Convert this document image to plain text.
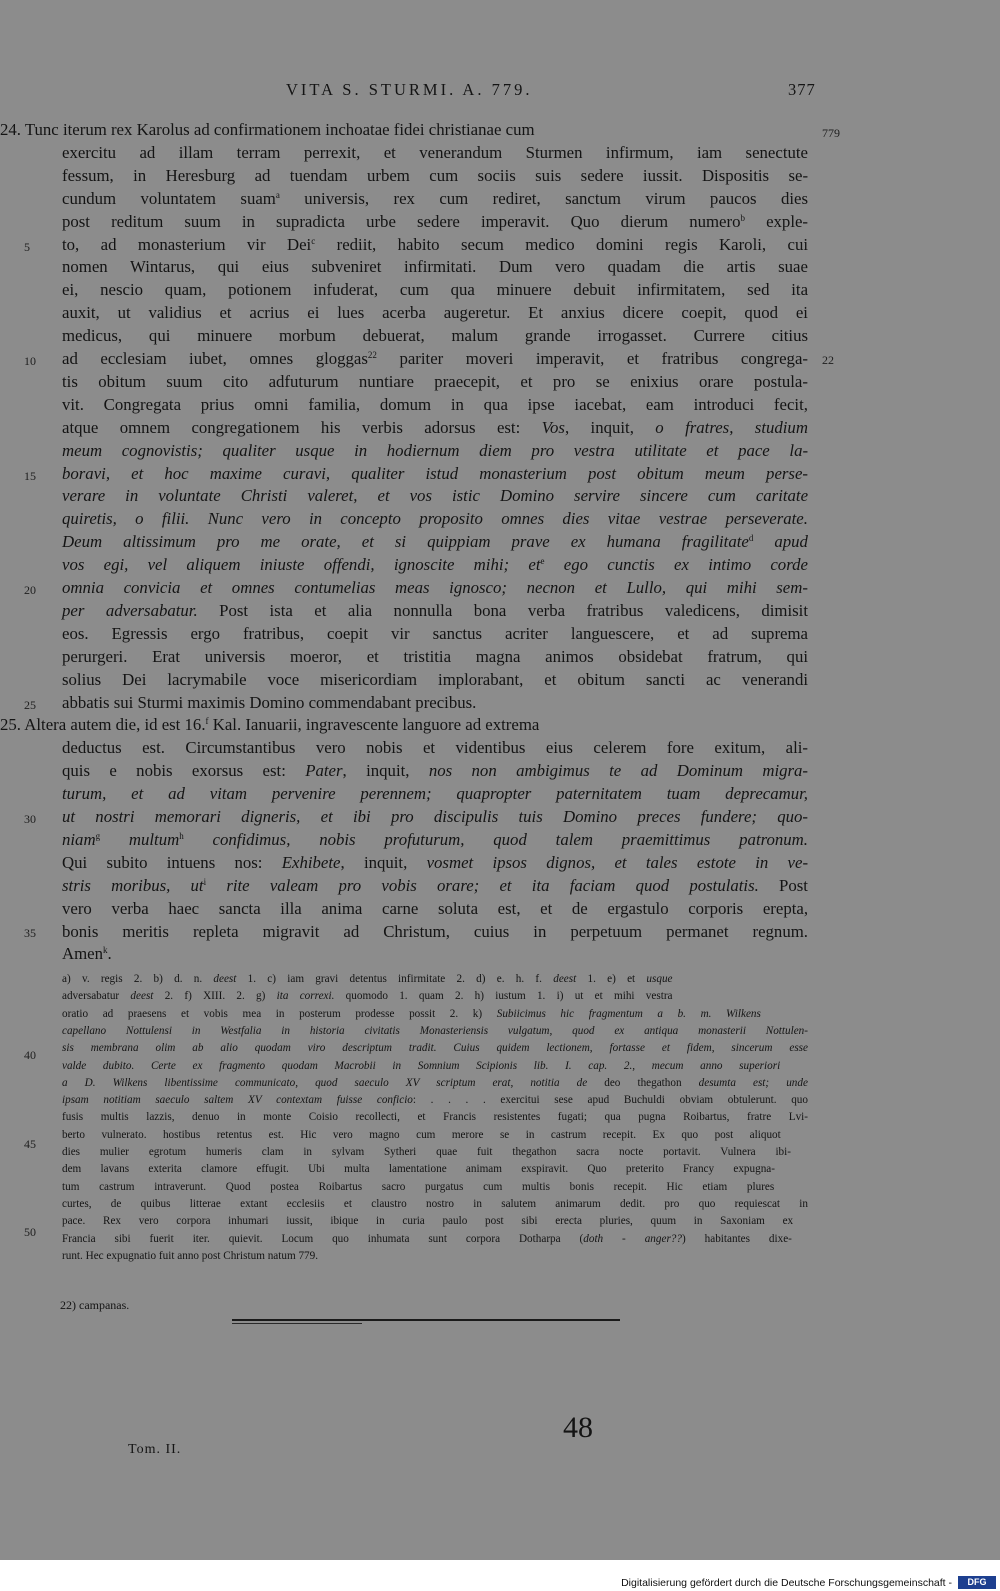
VITA S. STURMI. A. 779.	377
24. Tunc iterum rex Karolus ad confirmationem inchoatae fidei christianae cum
exercitu ad illam terram perrexit, et venerandum Sturmen infirmum, iam senectute
fessum, in Heresburg ad tuendam urbem cum sociis suis sedere iussit. Dispositis se-
cundum voluntatem suam$^a$ universis, rex cum rediret, sanctum virum paucos dies
post reditum suum in supradicta urbe sedere imperavit. Quo dierum numero$^b$ exple-
to, ad monasterium vir Dei$^c$ rediit, habito secum medico domini regis Karoli, cui
nomen Wintarus, qui eius subveniret infirmitati. Dum vero quadam die artis suae
ei, nescio quam, potionem infuderat, cum qua minuere debuit infirmitatem, sed ita
auxit, ut validius et acrius ei lues acerba augeretur. Et anxius dicere coepit, quod ei
medicus, qui minuere morbum debuerat, malum grande irrogasset. Currere citius
ad ecclesiam iubet, omnes gloggas$^{22}$ pariter moveri imperavit, et fratribus congrega-
tis obitum suum cito adfuturum nuntiare praecepit, et pro se enixius orare postula-
vit. Congregata prius omni familia, domum in qua ipse iacebat, eam introduci fecit,
atque omnem congregationem his verbis adorsus est: Vos, inquit, o fratres, studium
meum cognovistis; qualiter usque in hodiernum diem pro vestra utilitate et pace la-
boravi, et hoc maxime curavi, qualiter istud monasterium post obitum meum perse-
verare in voluntate Christi valeret, et vos istic Domino servire sincere cum caritate
quiretis, o filii. Nunc vero in concepto proposito omnes dies vitae vestrae perseverate.
Deum altissimum pro me orate, et si quippiam prave ex humana fragilitate$^d$ apud
vos egi, vel aliquem iniuste offendi, ignoscite mihi; $et^e$ ego cunctis ex intimo corde
omnia convicia et omnes contumelias meas ignosco; necnon et Lullo, qui mihi sem-
per adversabatur. Post ista et alia nonnulla bona verba fratribus valedicens, dimisit
eos. Egressis ergo fratribus, coepit vir sanctus acriter languescere, et ad suprema
perurgeri. Erat universis moeror, et tristitia magna animos obsidebat fratrum, qui
solius Dei lacrymabile voce misericordiam implorabant, et obitum sancti ac venerandi
abbatis sui Sturmi maximis Domino commendabant precibus.
25. Altera autem die, id est 16.$^f$ Kal. Ianuarii, ingravescente languore ad extrema
deductus est. Circumstantibus vero nobis et videntibus eius celerem fore exitum, ali-
quis e nobis exorsus est: Pater, inquit, nos non ambigimus te ad Dominum migra-
turum, et ad vitam pervenire perennem; quapropter paternitatem tuam deprecamur,
ut nostri memorari digneris, et ibi pro discipulis tuis Domino preces fundere; quo-
niam$^g$ multum$^h$ confidimus, nobis profuturum, quod talem praemittimus patronum.
Qui subito intuens nos: Exhibete, inquit, vosmet ipsos dignos, et tales estote in ve-
stris moribus, $ut^i$ rite valeam pro vobis orare; et ita faciam quod postulatis. Post
vero verba haec sancta illa anima carne soluta est, et de ergastulo corporis erepta,
bonis meritis repleta migravit ad Christum, cuius in perpetuum permanet regnum.
Amen$^k$.
779
22
5
10
15
20
25
30
35
40
45
50
a) v. regis 2. b) d. n. deest 1. c) iam gravi detentus infirmitate 2. d) e. h. f. deest 1. e) et usque
adversabatur deest 2. f) XIII. 2. g) ita correxi. quomodo 1. quam 2. h) iustum 1. i) ut et mihi vestra
oratio ad praesens et vobis mea in posterum prodesse possit 2. k) Subiicimus hic fragmentum a b. m. Wilkens
capellano Nottulensi in Westfalia in historia civitatis Monasteriensis vulgatum, quod ex antiqua monasterii Nottulen-
sis membrana olim ab alio quodam viro descriptum tradit. Cuius quidem lectionem, fortasse et fidem, sincerum esse
valde dubito. Certe ex fragmento quodam Macrobii in Somnium Scipionis lib. I. cap. 2., mecum anno superiori
a D. Wilkens libentissime communicato, quod saeculo XV scriptum erat, notitia de deo thegathon desumta est; unde
ipsam notitiam saeculo saltem XV contextam fuisse conficio: . . . . exercitui sese apud Buchuldi obviam obtulerunt. quo
fusis multis lazzis, denuo in monte Coisio recollecti, et Francis resistentes fugati; qua pugna Roibartus, fratre Lvi-
berto vulnerato. hostibus retentus est. Hic vero magno cum merore se in castrum recepit. Ex quo post aliquot
dies mulier egrotum humeris clam in sylvam Sytheri quae fuit thegathon sacra nocte portavit. Vulnera ibi-
dem lavans exterita clamore effugit. Ubi multa lamentatione animam exspiravit. Quo preterito Francy expugna-
tum castrum intraverunt. Quod postea Roibartus sacro purgatus cum multis bonis recepit. Hic etiam plures
curtes, de quibus litterae extant ecclesiis et claustro nostro in salutem animarum dedit. pro quo requiescat in
pace. Rex vero corpora inhumari iussit, ibique in curia paulo post sibi erecta pluries, quum in Saxoniam ex
Francia sibi fuerit iter. quievit. Locum quo inhumata sunt corpora Dotharpa (doth - anger??) habitantes dixe-
runt. Hec expugnatio fuit anno post Christum natum 779.
22) campanas.
Tom. II.
48
Digitalisierung gefördert durch die Deutsche Forschungsgemeinschaft -	DFG
